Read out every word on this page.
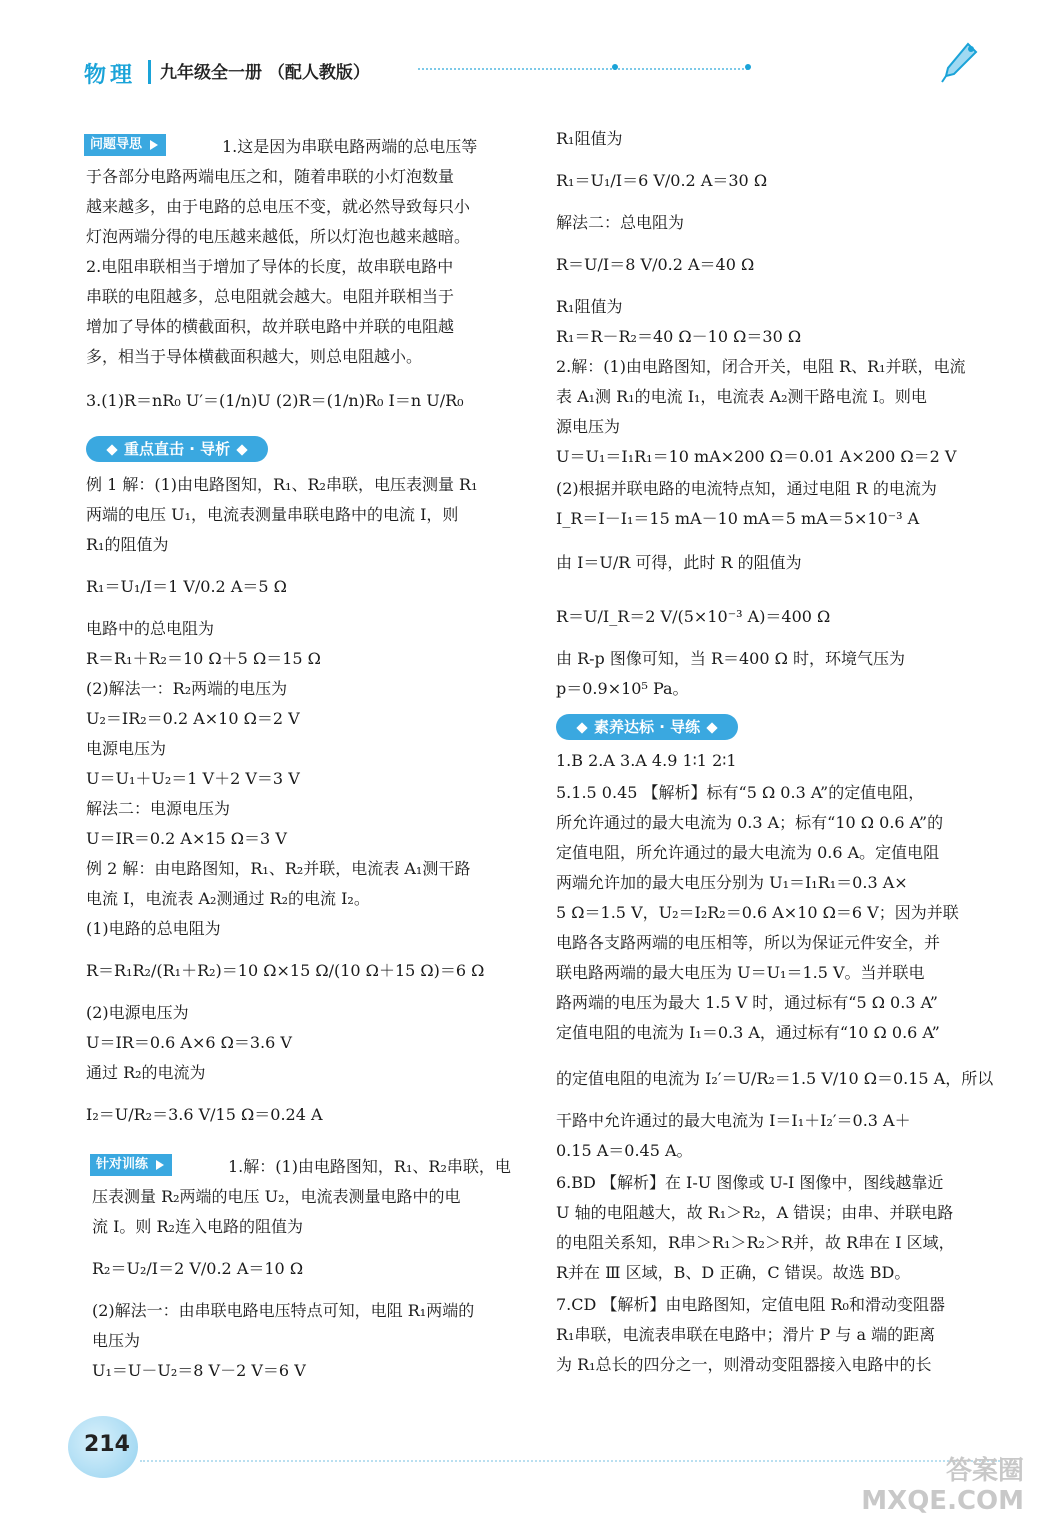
物理 九年级全一册 （配人教版）
问题导思	1.这是因为串联电路两端的总电压等
于各部分电路两端电压之和，随着串联的小灯泡数量
越来越多，由于电路的总电压不变，就必然导致每只小
灯泡两端分得的电压越来越低，所以灯泡也越来越暗。
2.电阻串联相当于增加了导体的长度，故串联电路中
串联的电阻越多，总电阻就会越大。电阻并联相当于
增加了导体的横截面积，故并联电路中并联的电阻越
多，相当于导体横截面积越大，则总电阻越小。
3.(1)R＝nR₀ U′＝(1/n)U (2)R＝(1/n)R₀ I＝n U/R₀
重点直击 · 导析
例 1 解：(1)由电路图知，R₁、R₂串联，电压表测量 R₁
两端的电压 U₁，电流表测量串联电路中的电流 I，则
R₁的阻值为
R₁＝U₁/I＝1 V/0.2 A＝5 Ω
电路中的总电阻为
R＝R₁＋R₂＝10 Ω＋5 Ω＝15 Ω
(2)解法一：R₂两端的电压为
U₂＝IR₂＝0.2 A×10 Ω＝2 V
电源电压为
U＝U₁＋U₂＝1 V＋2 V＝3 V
解法二：电源电压为
U＝IR＝0.2 A×15 Ω＝3 V
例 2 解：由电路图知，R₁、R₂并联，电流表 A₁测干路
电流 I，电流表 A₂测通过 R₂的电流 I₂。
(1)电路的总电阻为
R＝R₁R₂/(R₁＋R₂)＝10 Ω×15 Ω/(10 Ω＋15 Ω)＝6 Ω
(2)电源电压为
U＝IR＝0.6 A×6 Ω＝3.6 V
通过 R₂的电流为
I₂＝U/R₂＝3.6 V/15 Ω＝0.24 A
针对训练	1.解：(1)由电路图知，R₁、R₂串联，电
压表测量 R₂两端的电压 U₂，电流表测量电路中的电
流 I。则 R₂连入电路的阻值为
R₂＝U₂/I＝2 V/0.2 A＝10 Ω
(2)解法一：由串联电路电压特点可知，电阻 R₁两端的
电压为
U₁＝U－U₂＝8 V－2 V＝6 V
R₁阻值为
R₁＝U₁/I＝6 V/0.2 A＝30 Ω
解法二：总电阻为
R＝U/I＝8 V/0.2 A＝40 Ω
R₁阻值为
R₁＝R－R₂＝40 Ω－10 Ω＝30 Ω
2.解：(1)由电路图知，闭合开关，电阻 R、R₁并联，电流
表 A₁测 R₁的电流 I₁，电流表 A₂测干路电流 I。则电
源电压为
U＝U₁＝I₁R₁＝10 mA×200 Ω＝0.01 A×200 Ω＝2 V
(2)根据并联电路的电流特点知，通过电阻 R 的电流为
I_R＝I－I₁＝15 mA－10 mA＝5 mA＝5×10⁻³ A
由 I＝U/R 可得，此时 R 的阻值为
R＝U/I_R＝2 V/(5×10⁻³ A)＝400 Ω
由 R-p 图像可知，当 R＝400 Ω 时，环境气压为
p＝0.9×10⁵ Pa。
素养达标 · 导练
1.B 2.A 3.A 4.9 1∶1 2∶1
5.1.5 0.45 【解析】标有“5 Ω 0.3 A”的定值电阻，
所允许通过的最大电流为 0.3 A；标有“10 Ω 0.6 A”的
定值电阻，所允许通过的最大电流为 0.6 A。定值电阻
两端允许加的最大电压分别为 U₁＝I₁R₁＝0.3 A×
5 Ω＝1.5 V，U₂＝I₂R₂＝0.6 A×10 Ω＝6 V；因为并联
电路各支路两端的电压相等，所以为保证元件安全，并
联电路两端的最大电压为 U＝U₁＝1.5 V。当并联电
路两端的电压为最大 1.5 V 时，通过标有“5 Ω 0.3 A”
定值电阻的电流为 I₁＝0.3 A，通过标有“10 Ω 0.6 A”
的定值电阻的电流为 I₂′＝U/R₂＝1.5 V/10 Ω＝0.15 A，所以
干路中允许通过的最大电流为 I＝I₁＋I₂′＝0.3 A＋
0.15 A＝0.45 A。
6.BD 【解析】在 I-U 图像或 U-I 图像中，图线越靠近
U 轴的电阻越大，故 R₁＞R₂，A 错误；由串、并联电路
的电阻关系知，R串＞R₁＞R₂＞R并，故 R串在 Ⅰ 区域，
R并在 Ⅲ 区域，B、D 正确，C 错误。故选 BD。
7.CD 【解析】由电路图知，定值电阻 R₀和滑动变阻器
R₁串联，电流表串联在电路中；滑片 P 与 a 端的距离
为 R₁总长的四分之一，则滑动变阻器接入电路中的长
214
答案圈
MXQE.COM
